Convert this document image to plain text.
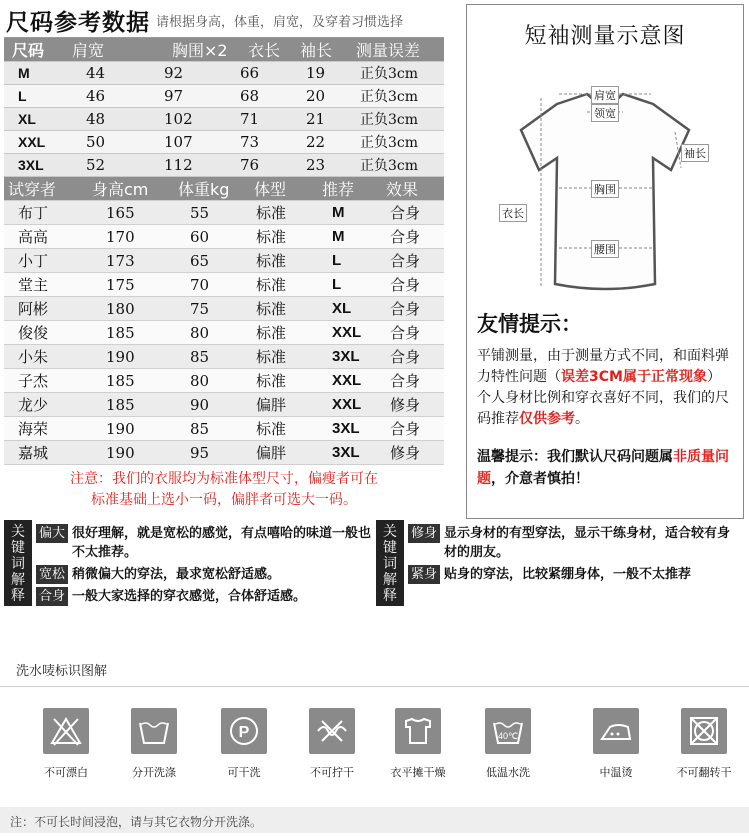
尺码参考数据 请根据身高，体重，肩宽，及穿着习惯选择
尺码	肩宽	胸围×2	衣长	袖长	测量误差
M	44	92	66	19	正负3cm
L	46	97	68	20	正负3cm
XL	48	102	71	21	正负3cm
XXL	50	107	73	22	正负3cm
3XL	52	112	76	23	正负3cm
试穿者	身高cm	体重kg	体型	推荐	效果
布丁	165	55	标准	M	合身
高高	170	60	标准	M	合身
小丁	173	65	标准	L	合身
堂主	175	70	标准	L	合身
阿彬	180	75	标准	XL	合身
俊俊	185	80	标准	XXL	合身
小朱	190	85	标准	3XL	合身
子杰	185	80	标准	XXL	合身
龙少	185	90	偏胖	XXL	修身
海荣	190	85	标准	3XL	合身
嘉城	190	95	偏胖	3XL	修身
注意：我们的衣服均为标准体型尺寸，偏瘦者可在
标准基础上选小一码，偏胖者可选大一码。
短袖测量示意图
肩宽
领宽
袖长
胸围
衣长
腰围
友情提示：
平铺测量，由于测量方式不同，和面料弹力特性问题（误差3CM属于正常现象）
个人身材比例和穿衣喜好不同，我们的尺码推荐仅供参考。
温馨提示：我们默认尺码问题属非质量问题，介意者慎拍！
关
键
词
解
释
偏大 很好理解，就是宽松的感觉，有点嘻哈的味道一般也不太推荐。
宽松 稍微偏大的穿法，最求宽松舒适感。
合身 一般大家选择的穿衣感觉，合体舒适感。
关
键
词
解
释
修身 显示身材的有型穿法，显示干练身材，适合较有身材的朋友。
紧身 贴身的穿法，比较紧绷身体，一般不太推荐
洗水唛标识图解
不可漂白	分开洗涤
P
可干洗	不可拧干	衣平摊干燥
40℃
低温水洗	中温烫	不可翻转干
注：不可长时间浸泡，请与其它衣物分开洗涤。
